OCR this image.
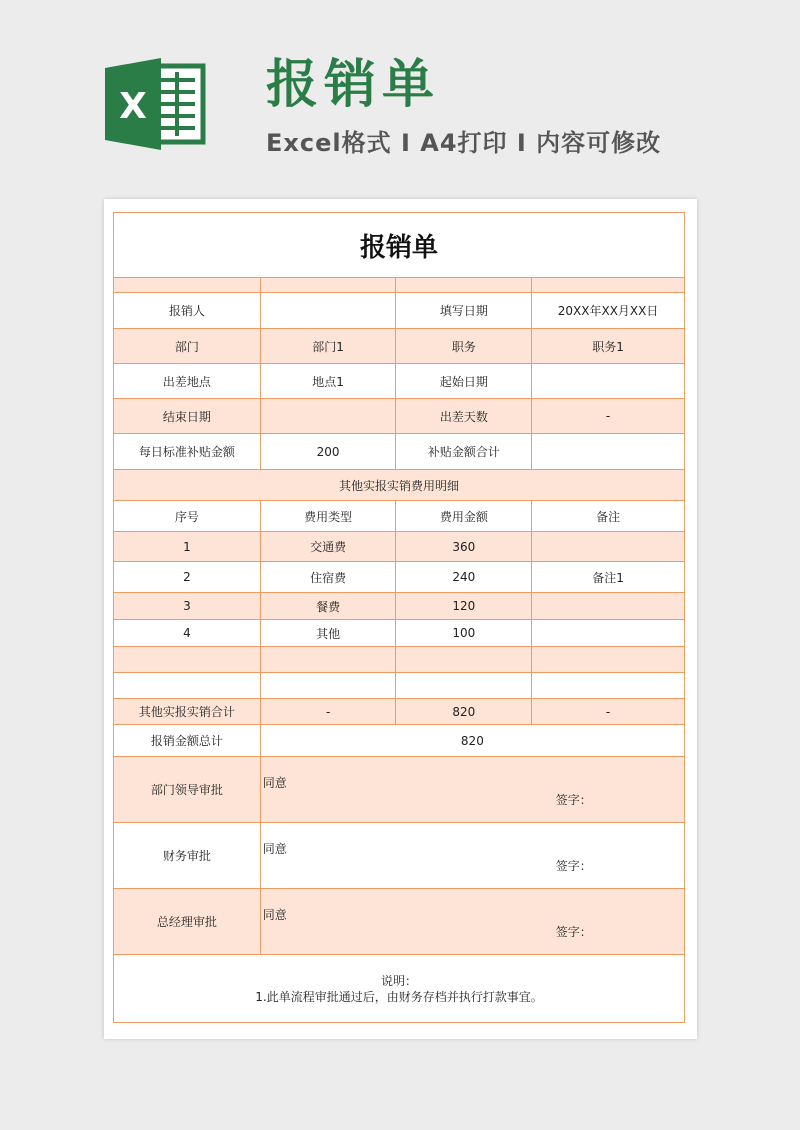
X 报销单
Excel格式 I A4打印 I 内容可修改
报销单			

报销人		填写日期	20XX年XX月XX日
部门	部门1	职务	职务1
出差地点	地点1	起始日期	
结束日期		出差天数	-
每日标准补贴金额	200	补贴金额合计	
其他实报实销费用明细			
序号	费用类型	费用金额	备注
1	交通费	360	
2	住宿费	240	备注1
3	餐费	120	
4	其他	100	

其他实报实销合计	-	820	-
报销金额总计	820		
部门领导审批	同意
签字：		

财务审批	同意
签字：		

总经理审批	同意
签字：		

说明：
1.此单流程审批通过后，由财务存档并执行打款事宜。			
